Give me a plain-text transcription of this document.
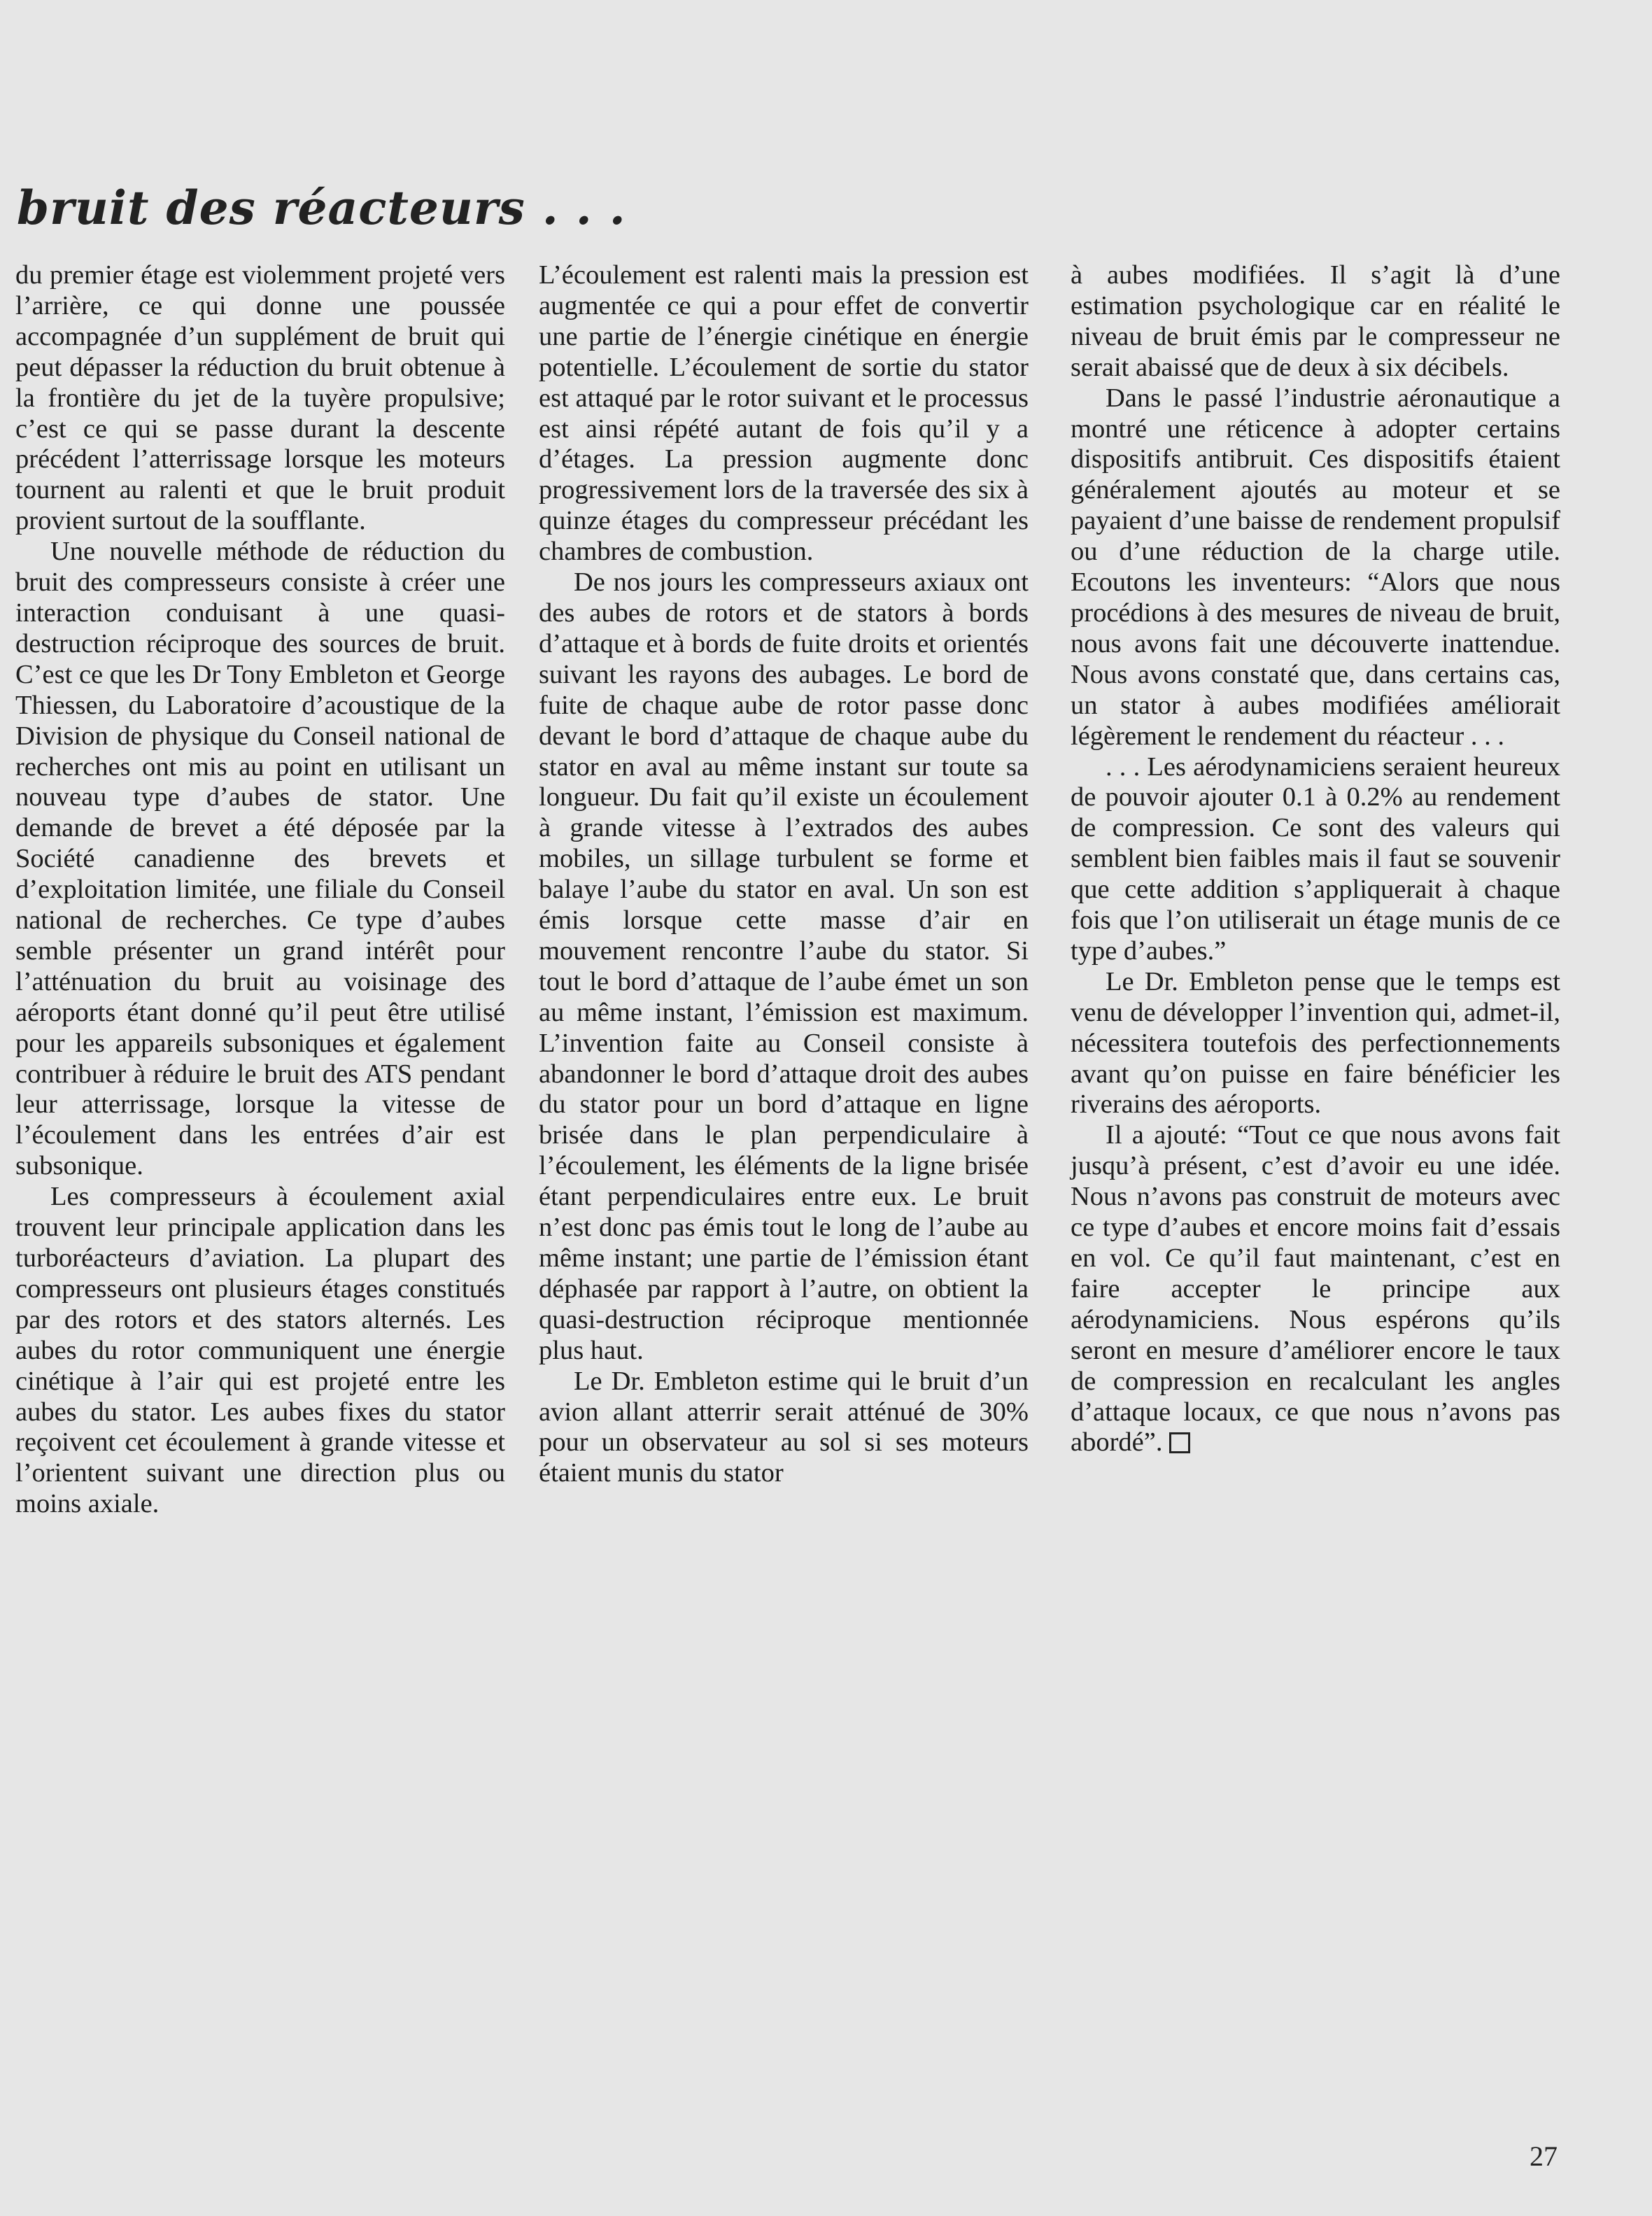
bruit des réacteurs . . .

du premier étage est violemment projeté vers l’arrière, ce qui donne une poussée accompagnée d’un supplément de bruit qui peut dépasser la réduction du bruit obtenue à la frontière du jet de la tuyère propulsive; c’est ce qui se passe durant la descente précédent l’atterrissage lorsque les moteurs tournent au ralenti et que le bruit produit provient surtout de la soufflante.

Une nouvelle méthode de réduction du bruit des compresseurs consiste à créer une interaction conduisant à une quasi-destruction réciproque des sources de bruit. C’est ce que les Dr Tony Embleton et George Thiessen, du Laboratoire d’acoustique de la Division de physique du Conseil national de recherches ont mis au point en utilisant un nouveau type d’aubes de stator. Une demande de brevet a été déposée par la Société canadienne des brevets et d’exploitation limitée, une filiale du Conseil national de recherches. Ce type d’aubes semble présenter un grand intérêt pour l’atténuation du bruit au voisinage des aéroports étant donné qu’il peut être utilisé pour les appareils subsoniques et également contribuer à réduire le bruit des ATS pendant leur atterrissage, lorsque la vitesse de l’écoulement dans les entrées d’air est subsonique.

Les compresseurs à écoulement axial trouvent leur principale application dans les turboréacteurs d’aviation. La plupart des compresseurs ont plusieurs étages constitués par des rotors et des stators alternés. Les aubes du rotor communiquent une énergie cinétique à l’air qui est projeté entre les aubes du stator. Les aubes fixes du stator reçoivent cet écoulement à grande vitesse et l’orientent suivant une direction plus ou moins axiale.

L’écoulement est ralenti mais la pression est augmentée ce qui a pour effet de convertir une partie de l’énergie cinétique en énergie potentielle. L’écoulement de sortie du stator est attaqué par le rotor suivant et le processus est ainsi répété autant de fois qu’il y a d’étages. La pression augmente donc progressivement lors de la traversée des six à quinze étages du compresseur précédant les chambres de combustion.

De nos jours les compresseurs axiaux ont des aubes de rotors et de stators à bords d’attaque et à bords de fuite droits et orientés suivant les rayons des aubages. Le bord de fuite de chaque aube de rotor passe donc devant le bord d’attaque de chaque aube du stator en aval au même instant sur toute sa longueur. Du fait qu’il existe un écoulement à grande vitesse à l’extrados des aubes mobiles, un sillage turbulent se forme et balaye l’aube du stator en aval. Un son est émis lorsque cette masse d’air en mouvement rencontre l’aube du stator. Si tout le bord d’attaque de l’aube émet un son au même instant, l’émission est maximum. L’invention faite au Conseil consiste à abandonner le bord d’attaque droit des aubes du stator pour un bord d’attaque en ligne brisée dans le plan perpendiculaire à l’écoulement, les éléments de la ligne brisée étant perpendiculaires entre eux. Le bruit n’est donc pas émis tout le long de l’aube au même instant; une partie de l’émission étant déphasée par rapport à l’autre, on obtient la quasi-destruction réciproque mentionnée plus haut.

Le Dr. Embleton estime qui le bruit d’un avion allant atterrir serait atténué de 30% pour un observateur au sol si ses moteurs étaient munis du stator

à aubes modifiées. Il s’agit là d’une estimation psychologique car en réalité le niveau de bruit émis par le compresseur ne serait abaissé que de deux à six décibels.

Dans le passé l’industrie aéronautique a montré une réticence à adopter certains dispositifs antibruit. Ces dispositifs étaient généralement ajoutés au moteur et se payaient d’une baisse de rendement propulsif ou d’une réduction de la charge utile. Ecoutons les inventeurs: “Alors que nous procédions à des mesures de niveau de bruit, nous avons fait une découverte inattendue. Nous avons constaté que, dans certains cas, un stator à aubes modifiées améliorait légèrement le rendement du réacteur . . .

. . . Les aérodynamiciens seraient heureux de pouvoir ajouter 0.1 à 0.2% au rendement de compression. Ce sont des valeurs qui semblent bien faibles mais il faut se souvenir que cette addition s’appliquerait à chaque fois que l’on utiliserait un étage munis de ce type d’aubes.”

Le Dr. Embleton pense que le temps est venu de développer l’invention qui, admet-il, nécessitera toutefois des perfectionnements avant qu’on puisse en faire bénéficier les riverains des aéroports.

Il a ajouté: “Tout ce que nous avons fait jusqu’à présent, c’est d’avoir eu une idée. Nous n’avons pas construit de moteurs avec ce type d’aubes et encore moins fait d’essais en vol. Ce qu’il faut maintenant, c’est en faire accepter le principe aux aérodynamiciens. Nous espérons qu’ils seront en mesure d’améliorer encore le taux de compression en recalculant les angles d’attaque locaux, ce que nous n’avons pas abordé”.

27
